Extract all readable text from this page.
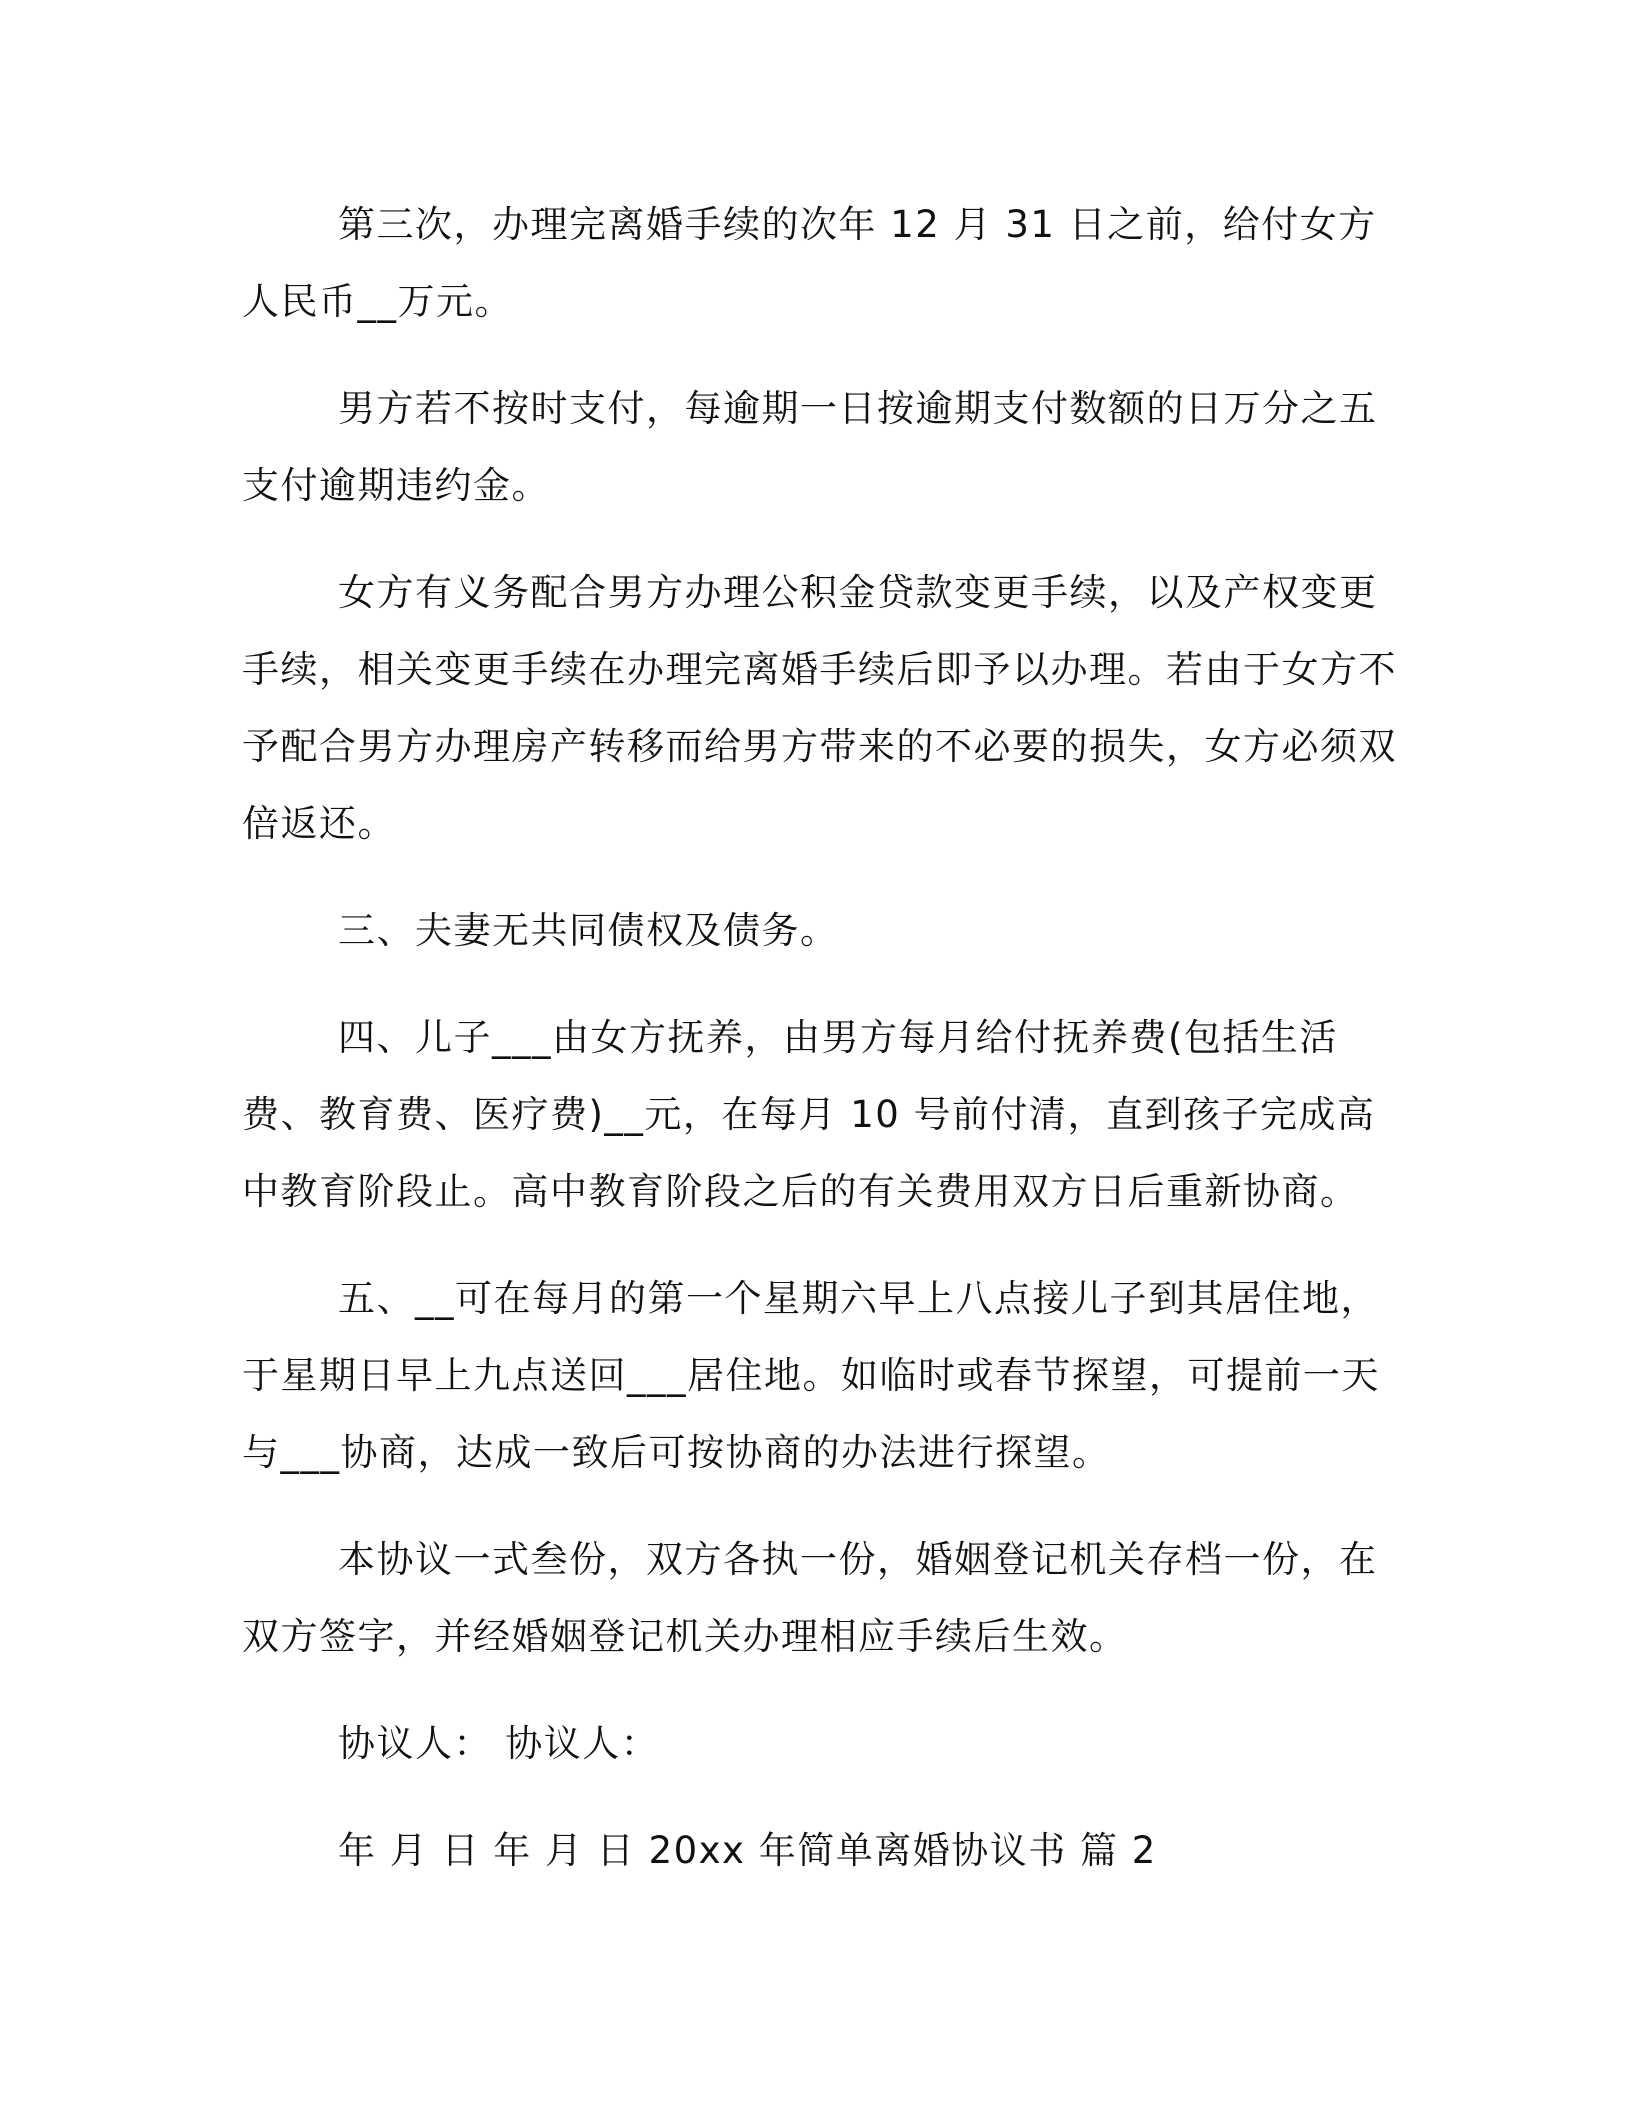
第三次，办理完离婚手续的次年 12 月 31 日之前，给付女方人民币__万元。

男方若不按时支付，每逾期一日按逾期支付数额的日万分之五支付逾期违约金。

女方有义务配合男方办理公积金贷款变更手续，以及产权变更手续，相关变更手续在办理完离婚手续后即予以办理。若由于女方不予配合男方办理房产转移而给男方带来的不必要的损失，女方必须双倍返还。

三、夫妻无共同债权及债务。

四、儿子___由女方抚养，由男方每月给付抚养费(包括生活费、教育费、医疗费)__元，在每月 10 号前付清，直到孩子完成高中教育阶段止。高中教育阶段之后的有关费用双方日后重新协商。

五、__可在每月的第一个星期六早上八点接儿子到其居住地，于星期日早上九点送回___居住地。如临时或春节探望，可提前一天与___协商，达成一致后可按协商的办法进行探望。

本协议一式叁份，双方各执一份，婚姻登记机关存档一份，在双方签字，并经婚姻登记机关办理相应手续后生效。

协议人： 协议人：

年 月 日 年 月 日 20xx 年简单离婚协议书 篇 2
